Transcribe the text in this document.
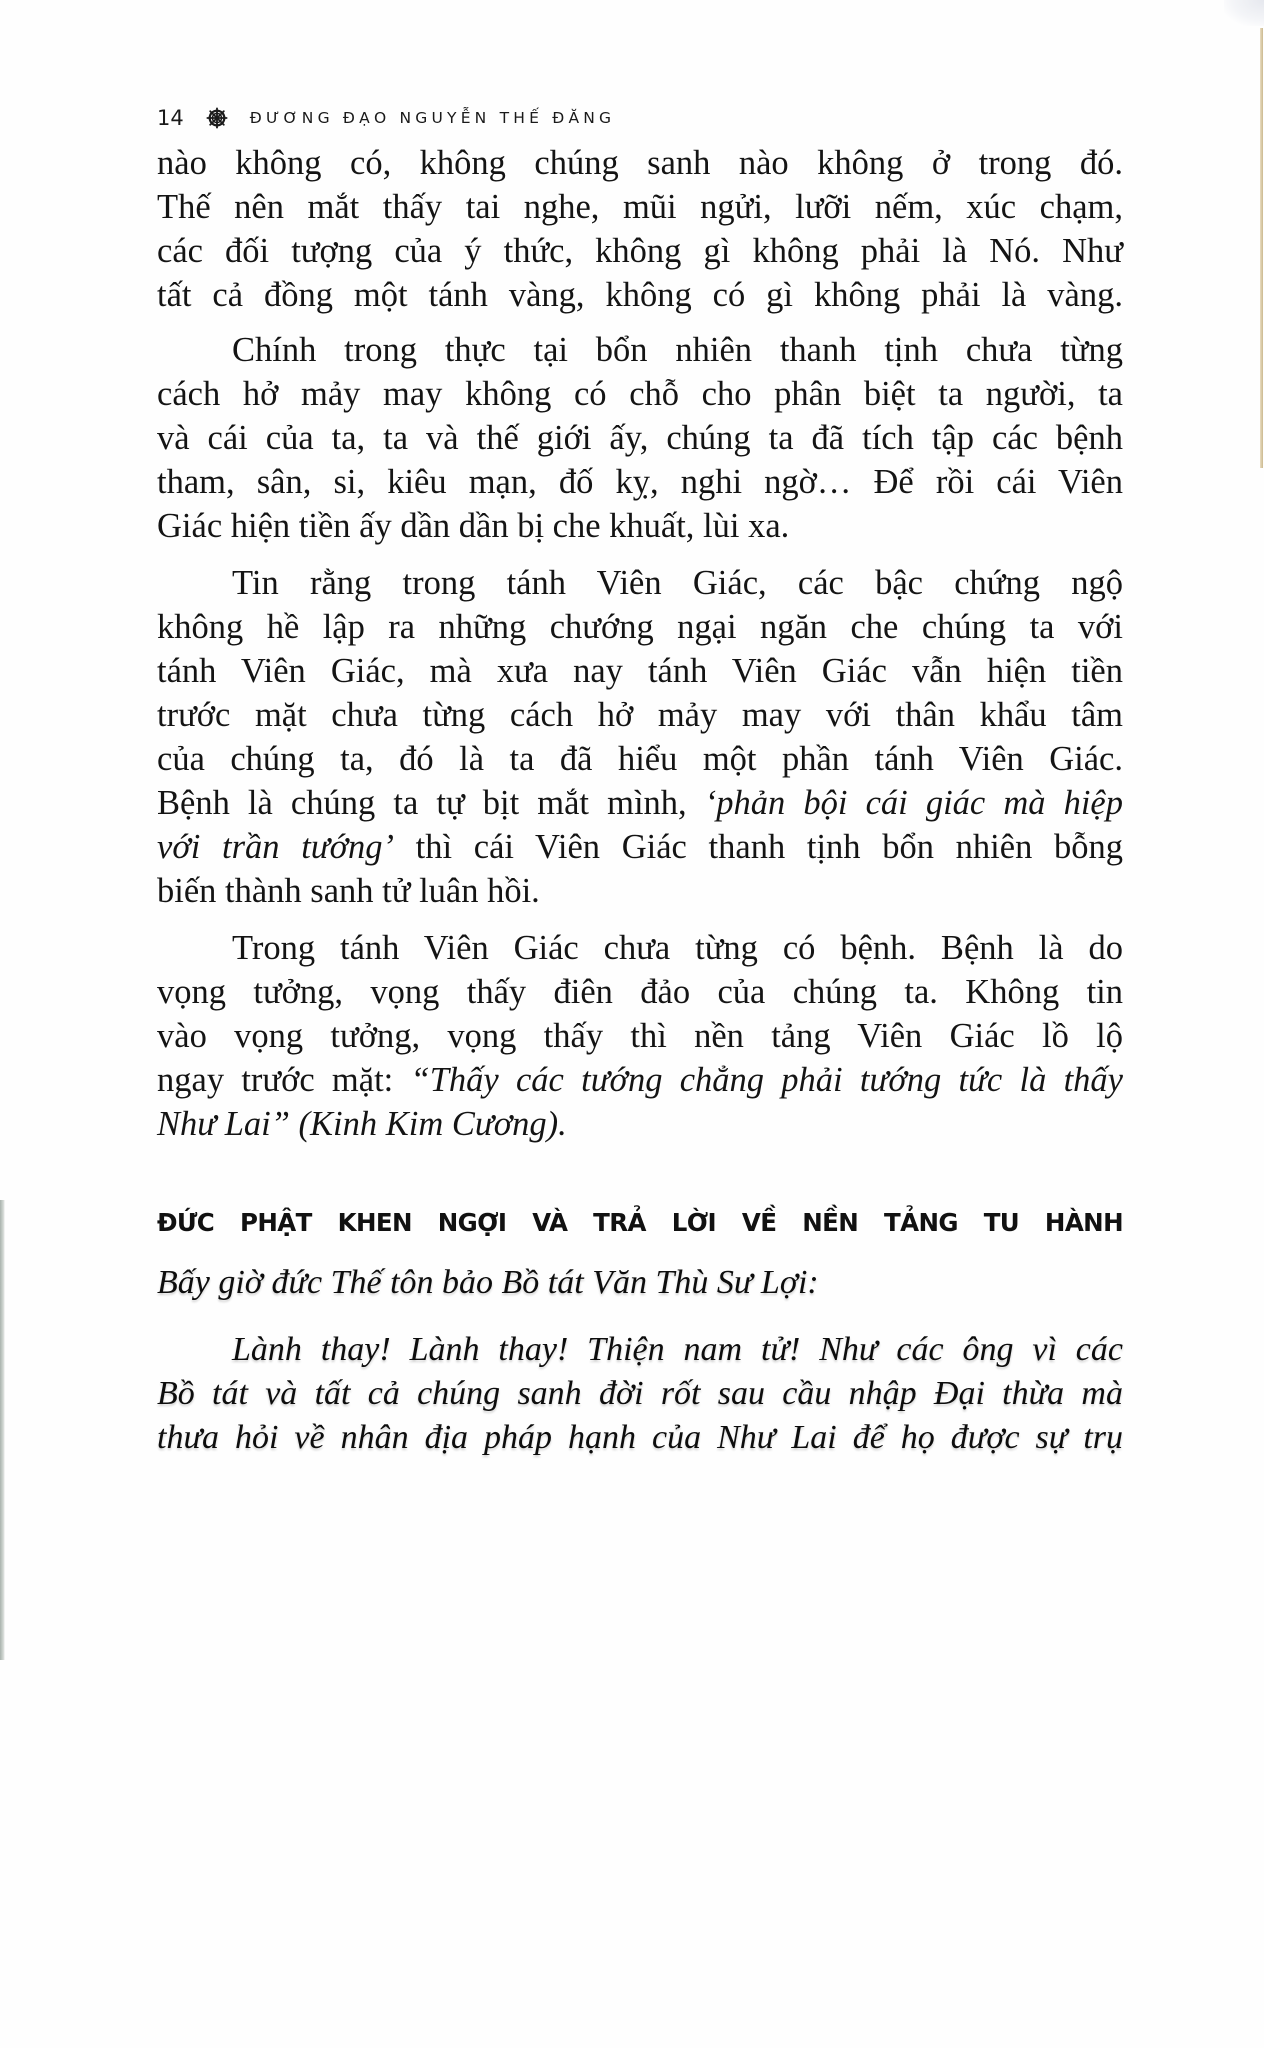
14	ĐƯƠNG ĐẠO NGUYỄN THẾ ĐĂNG
nào không có, không chúng sanh nào không ở trong đó.
Thế nên mắt thấy tai nghe, mũi ngửi, lưỡi nếm, xúc chạm,
các đối tượng của ý thức, không gì không phải là Nó. Như
tất cả đồng một tánh vàng, không có gì không phải là vàng.
Chính trong thực tại bổn nhiên thanh tịnh chưa từng
cách hở mảy may không có chỗ cho phân biệt ta người, ta
và cái của ta, ta và thế giới ấy, chúng ta đã tích tập các bệnh
tham, sân, si, kiêu mạn, đố kỵ, nghi ngờ… Để rồi cái Viên
Giác hiện tiền ấy dần dần bị che khuất, lùi xa.
Tin rằng trong tánh Viên Giác, các bậc chứng ngộ
không hề lập ra những chướng ngại ngăn che chúng ta với
tánh Viên Giác, mà xưa nay tánh Viên Giác vẫn hiện tiền
trước mặt chưa từng cách hở mảy may với thân khẩu tâm
của chúng ta, đó là ta đã hiểu một phần tánh Viên Giác.
Bệnh là chúng ta tự bịt mắt mình, ‘phản bội cái giác mà hiệp
với trần tướng’ thì cái Viên Giác thanh tịnh bổn nhiên bỗng
biến thành sanh tử luân hồi.
Trong tánh Viên Giác chưa từng có bệnh. Bệnh là do
vọng tưởng, vọng thấy điên đảo của chúng ta. Không tin
vào vọng tưởng, vọng thấy thì nền tảng Viên Giác lồ lộ
ngay trước mặt: “Thấy các tướng chẳng phải tướng tức là thấy
Như Lai” (Kinh Kim Cương).
ĐỨC PHẬT KHEN NGỢI VÀ TRẢ LỜI VỀ NỀN TẢNG TU HÀNH
Bấy giờ đức Thế tôn bảo Bồ tát Văn Thù Sư Lợi:
Lành thay! Lành thay! Thiện nam tử! Như các ông vì các
Bồ tát và tất cả chúng sanh đời rốt sau cầu nhập Đại thừa mà
thưa hỏi về nhân địa pháp hạnh của Như Lai để họ được sự trụ
